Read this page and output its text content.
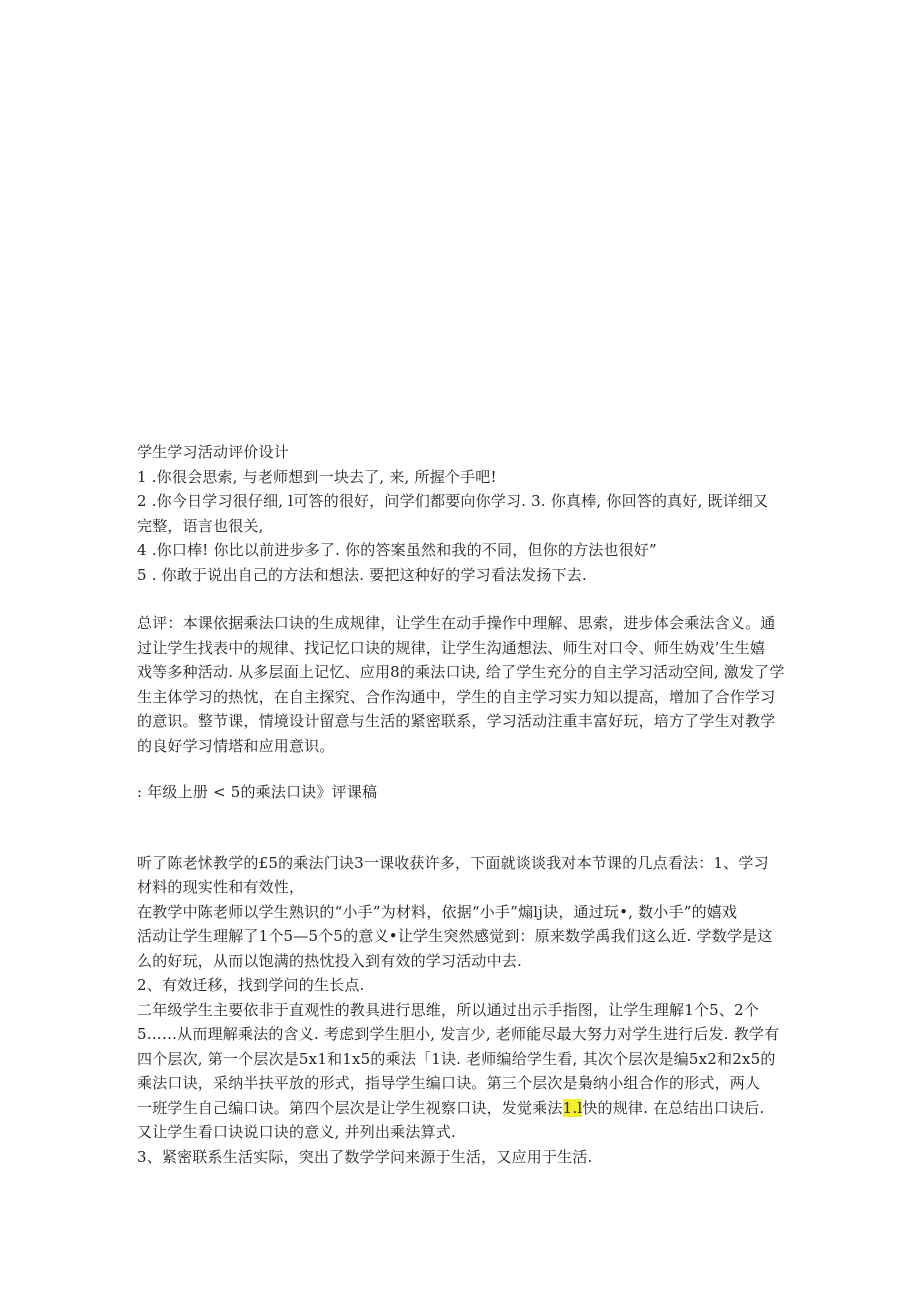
学生学习活动评价设计
1 .你很会思索, 与老师想到一块去了, 来, 所握个手吧!
2 .你今日学习很仔细, l可答的很好，问学们都要向你学习. 3. 你真棒, 你回答的真好, 既详细又
完整，语言也很关,
4 .你口棒! 你比以前进步多了. 你的答案虽然和我的不同，但你的方法也很好”
5 . 你敢于说出自己的方法和想法. 要把这种好的学习看法发扬下去.
总评：本课依据乘法口诀的生成规律，让学生在动手操作中理解、思索，进步体会乘法含义。通
过让学生找表中的规律、找记忆口诀的规律，让学生沟通想法、师生对口令、师生妫戏’生生嬉
戏等多种活动. 从多层面上记忆、应用8的乘法口诀, 给了学生充分的自主学习活动空间, 激发了学
生主体学习的热忱，在自主探究、合作沟通中，学生的自主学习实力知以提高，增加了合作学习
的意识。整节课，情境设计留意与生活的紧密联系，学习活动注重丰富好玩，培方了学生对教学
的良好学习情塔和应用意识。
: 年级上册 < 5的乘法口诀》评课稿
听了陈老怵教学的£5的乘法门诀3一课收获许多，下面就谈谈我对本节课的几点看法：1、学习
材料的现实性和有效性，
在教学中陈老师以学生熟识的“小手”为材料，依据“小手”煽lj诀，通过玩•, 数小手”的嬉戏
活动让学生理解了1个5—5个5的意义•让学生突然感觉到：原来数学禹我们这么近. 学数学是这
么的好玩，从而以饱满的热忱投入到有效的学习活动中去.
2、有效迁移，找到学问的生长点.
二年级学生主要依非于直观性的教具进行思维，所以通过出示手指图，让学生理解1个5、2个
5……从而理解乘法的含义. 考虑到学生胆小, 发言少, 老师能尽最大努力对学生进行后发. 教学有
四个层次, 第一个层次是5x1和1x5的乘法「1诀. 老师编给学生看, 其次个层次是编5x2和2x5的
乘法口诀，采纳半扶平放的形式，指导学生编口诀。第三个层次是梟纳小组合作的形式，两人
一班学生自己编口诀。第四个层次是让学生视察口诀，发觉乘法1.l快的规律. 在总结出口诀后.
又让学生看口诀说口诀的意义, 并列出乘法算式.
3、紧密联系生活实际，突出了数学学问来源于生活，又应用于生活.
